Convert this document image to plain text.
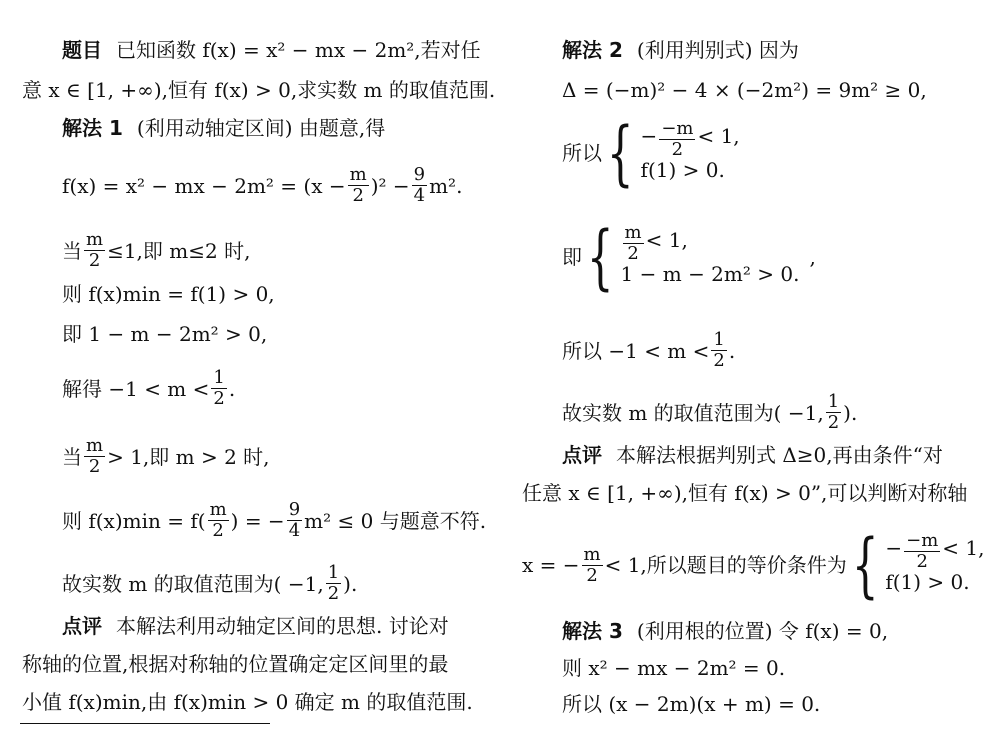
题目 已知函数 f(x) = x² − mx − 2m²,若对任
意 x ∈ [1, +∞),恒有 f(x) > 0,求实数 m 的取值范围.
解法 1 (利用动轴定区间) 由题意,得
f(x) = x² − mx − $2m^2 = (x - \frac{m}{2} )^2 - \frac{9}{4} m^2$.
当 $\frac{m}{2} \le 1$,即 m≤2 时,
则 f(x)min = f(1) > 0,
即 1 − m − 2m² > 0,
解得 $-1 < m < \frac{1}{2}$ .
当 $\frac{m}{2} > 1$,即 m > 2 时,
则 $f(x)\min = f( \frac{m}{2}$ ) = − $\frac{9}{4} m^2 \le 0$ 与题意不符.
故实数 m 的取值范围为( −1, $\frac{1}{2}$ ).
点评 本解法利用动轴定区间的思想. 讨论对
称轴的位置,根据对称轴的位置确定定区间里的最
小值 f(x)min,由 f(x)min > 0 确定 m 的取值范围.
解法 2 (利用判别式) 因为
Δ = (−m)² − 4 × (−2m²) = 9m² ≥ 0,
所以 { − $\frac{-m}{2} < 1$,
f(1) > 0.
即 { $\frac{m}{2} < 1$,
1 − m − 2m² > 0.
,
所以 $-1 < m < \frac{1}{2}$ .
故实数 m 的取值范围为( −1, $\frac{1}{2}$ ).
点评 本解法根据判别式 Δ≥0,再由条件“对
任意 x ∈ [1, +∞),恒有 f(x) > 0”,可以判断对称轴
x = − $\frac{m}{2} < 1$,所以题目的等价条件为 { − $\frac{-m}{2} < 1$,
f(1) > 0.
解法 3 (利用根的位置) 令 f(x) = 0,
则 x² − mx − 2m² = 0.
所以 (x − 2m)(x + m) = 0.
